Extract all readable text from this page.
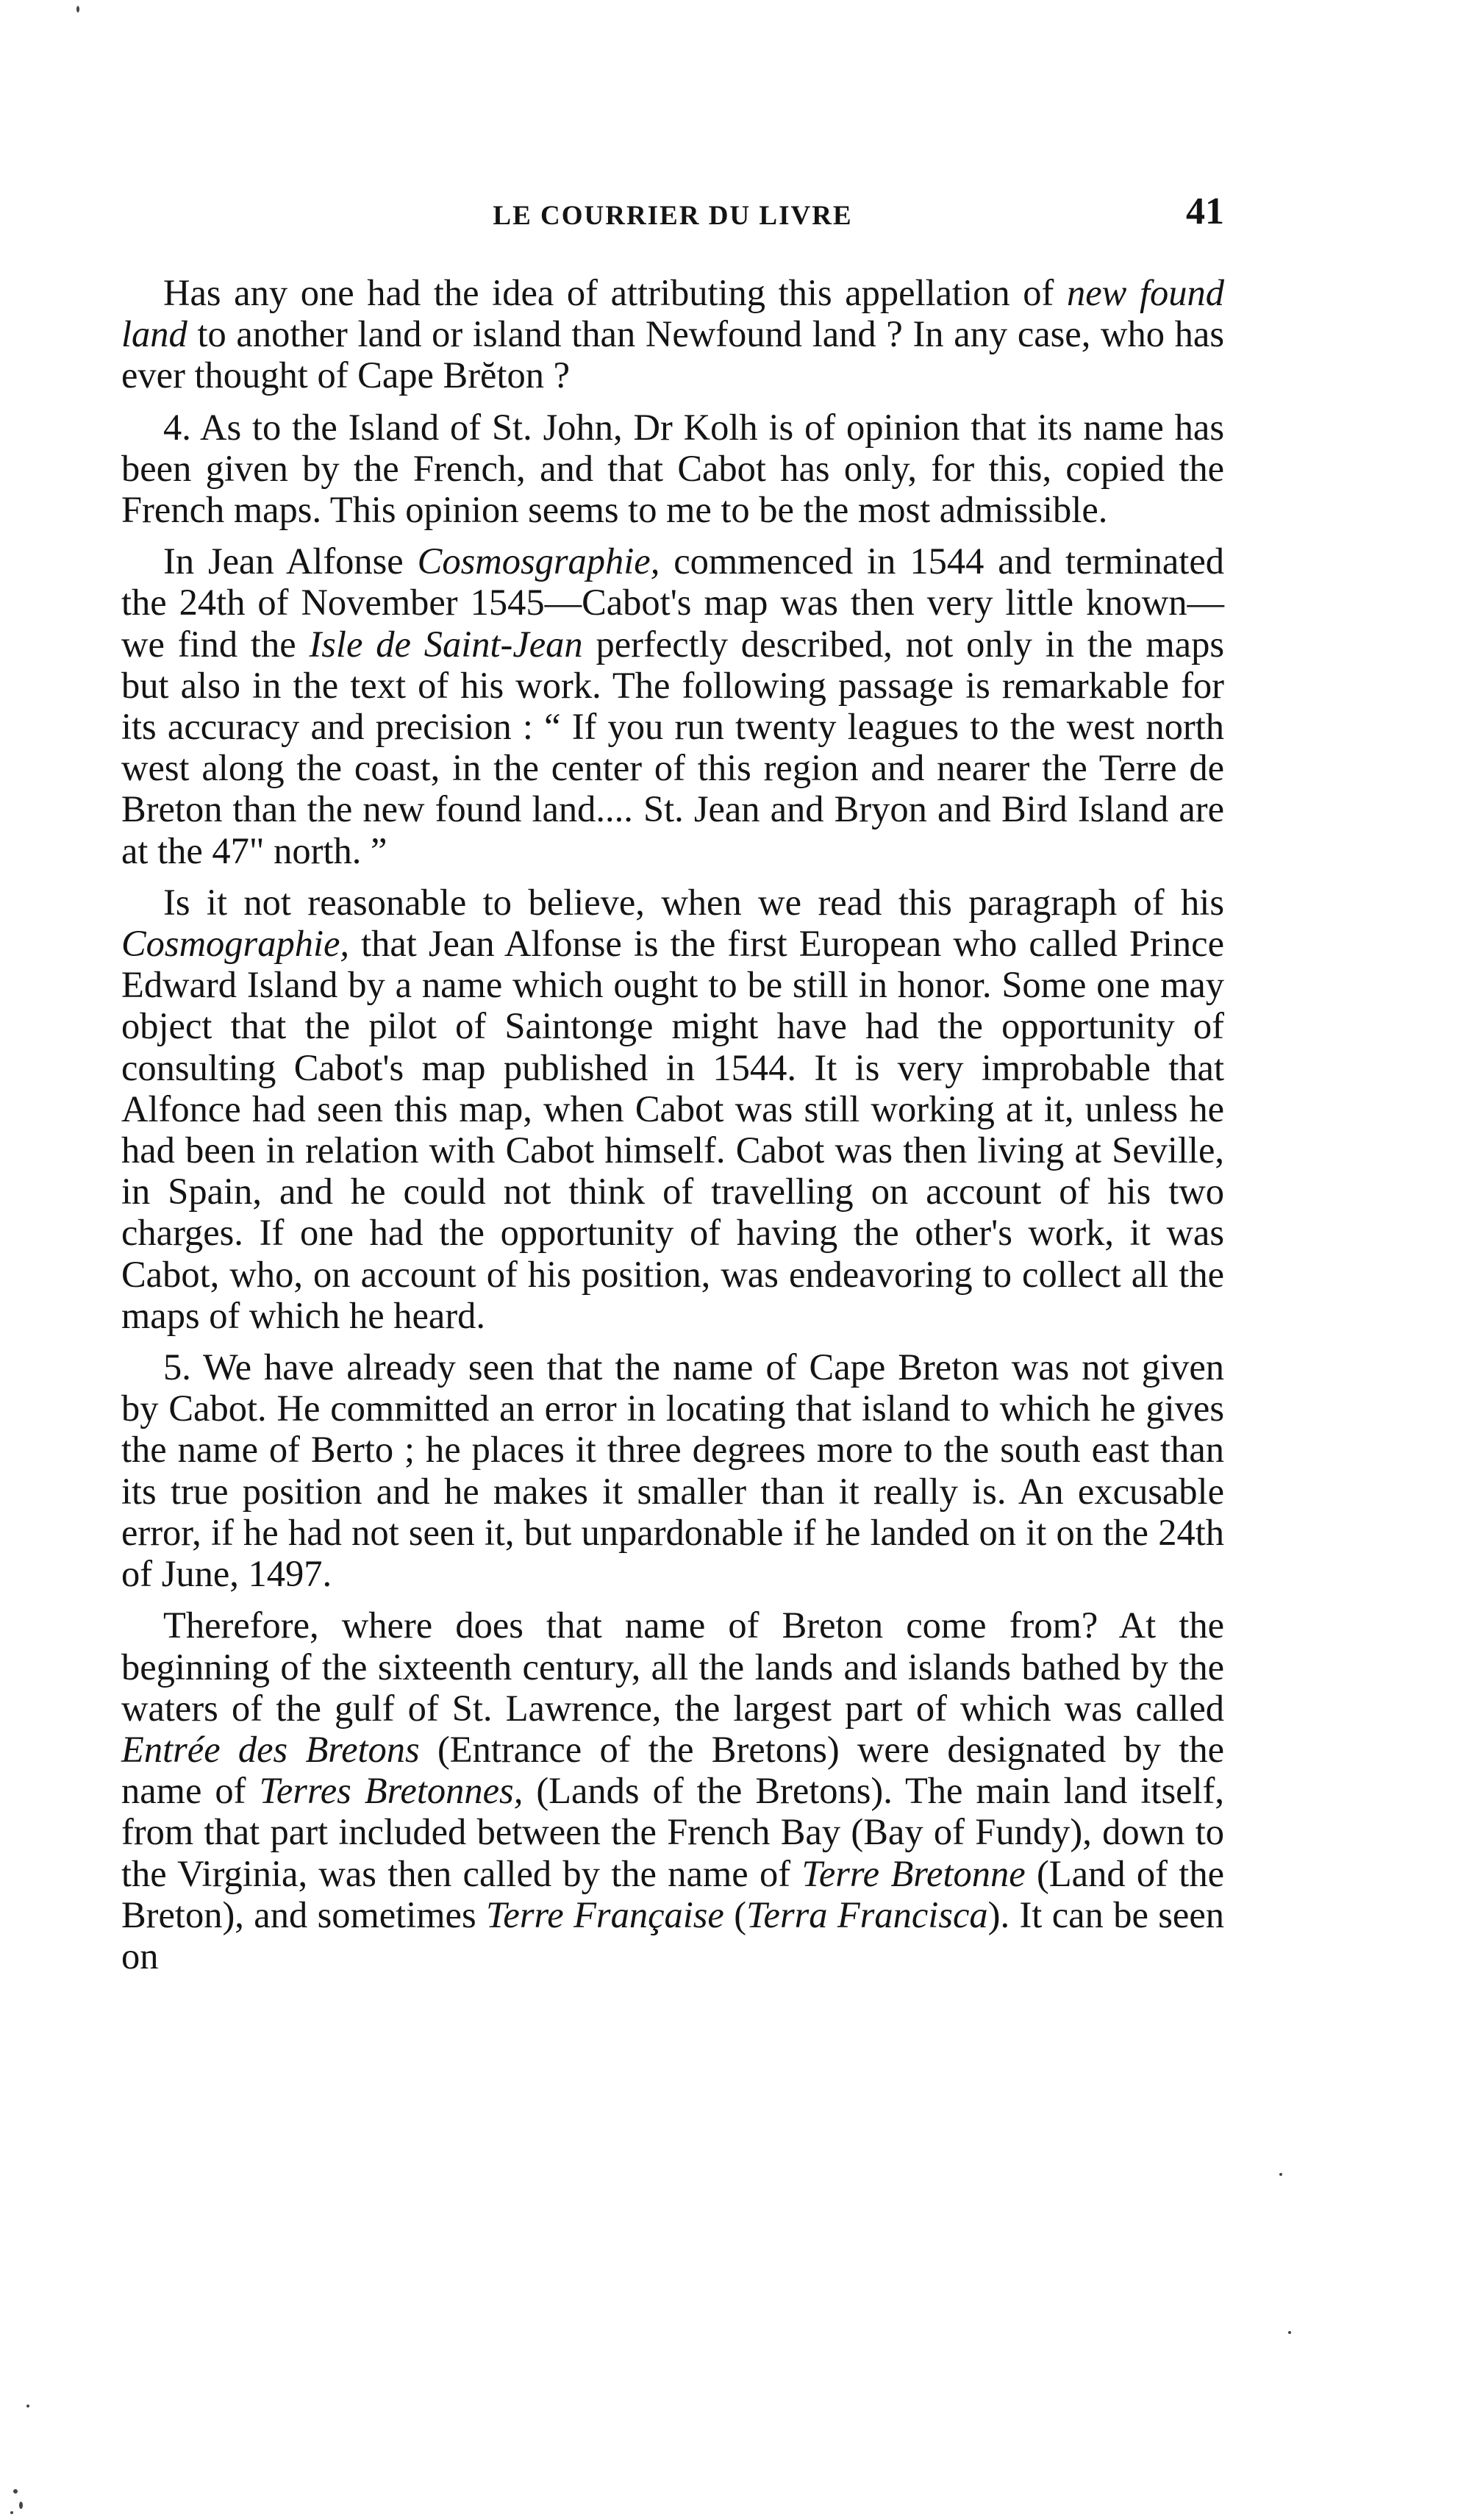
LE COURRIER DU LIVRE	41

Has any one had the idea of attributing this appellation of new found land to another land or island than Newfound land ? In any case, who has ever thought of Cape Brĕton ?

4. As to the Island of St. John, Dr Kolh is of opinion that its name has been given by the French, and that Cabot has only, for this, copied the French maps. This opinion seems to me to be the most admissible.

In Jean Alfonse Cosmosgraphie, commenced in 1544 and terminated the 24th of November 1545—Cabot's map was then very little known—we find the Isle de Saint-Jean perfectly described, not only in the maps but also in the text of his work. The following passage is remarkable for its accuracy and precision : “ If you run twenty leagues to the west north west along the coast, in the center of this region and nearer the Terre de Breton than the new found land.... St. Jean and Bryon and Bird Island are at the 47" north. ”

Is it not reasonable to believe, when we read this paragraph of his Cosmographie, that Jean Alfonse is the first European who called Prince Edward Island by a name which ought to be still in honor. Some one may object that the pilot of Saintonge might have had the opportunity of consulting Cabot's map published in 1544. It is very improbable that Alfonce had seen this map, when Cabot was still working at it, unless he had been in relation with Cabot himself. Cabot was then living at Seville, in Spain, and he could not think of travelling on account of his two charges. If one had the opportunity of having the other's work, it was Cabot, who, on account of his position, was endeavoring to collect all the maps of which he heard.

5. We have already seen that the name of Cape Breton was not given by Cabot. He committed an error in locating that island to which he gives the name of Berto ; he places it three degrees more to the south east than its true position and he makes it smaller than it really is. An excusable error, if he had not seen it, but unpardonable if he landed on it on the 24th of June, 1497.

Therefore, where does that name of Breton come from? At the beginning of the sixteenth century, all the lands and islands bathed by the waters of the gulf of St. Lawrence, the largest part of which was called Entrée des Bretons (Entrance of the Bretons) were designated by the name of Terres Bretonnes, (Lands of the Bretons). The main land itself, from that part included between the French Bay (Bay of Fundy), down to the Virginia, was then called by the name of Terre Bretonne (Land of the Breton), and sometimes Terre Française (Terra Francisca). It can be seen on
